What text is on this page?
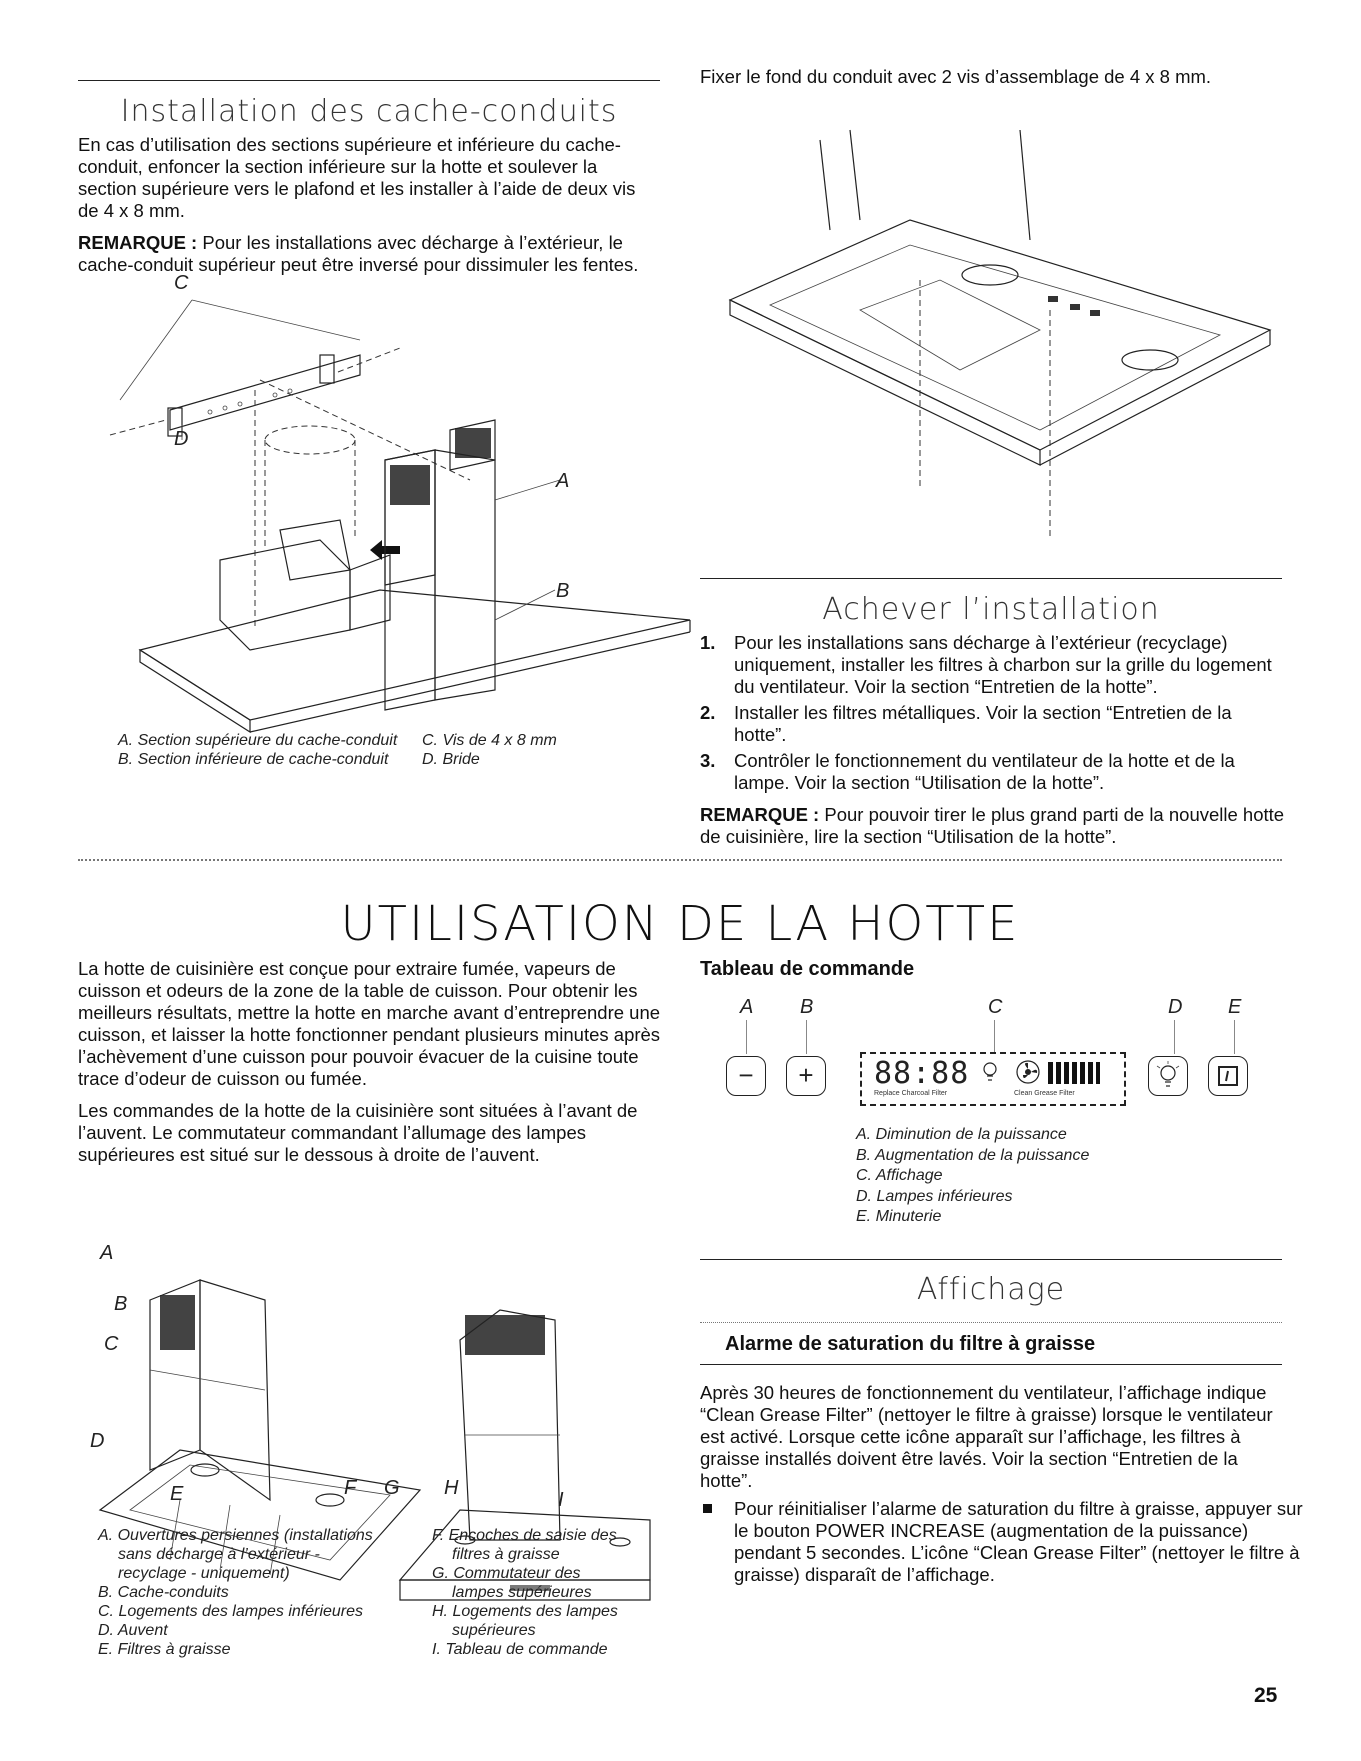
Installation des cache-conduits

En cas d’utilisation des sections supérieure et inférieure du cache-conduit, enfoncer la section inférieure sur la hotte et soulever la section supérieure vers le plafond et les installer à l’aide de deux vis de 4 x 8 mm.

REMARQUE : Pour les installations avec décharge à l’extérieur, le cache-conduit supérieur peut être inversé pour dissimuler les fentes.

C
D
A
B
A. Section supérieure du cache-conduit
B. Section inférieure de cache-conduit
C. Vis de 4 x 8 mm
D. Bride

Fixer le fond du conduit avec 2 vis d’assemblage de 4 x 8 mm.

Achever l’installation
1. Pour les installations sans décharge à l’extérieur (recyclage) uniquement, installer les filtres à charbon sur la grille du logement du ventilateur. Voir la section “Entretien de la hotte”.
2. Installer les filtres métalliques. Voir la section “Entretien de la hotte”.
3. Contrôler le fonctionnement du ventilateur de la hotte et de la lampe. Voir la section “Utilisation de la hotte”.

REMARQUE : Pour pouvoir tirer le plus grand parti de la nouvelle hotte de cuisinière, lire la section “Utilisation de la hotte”.

UTILISATION DE LA HOTTE

La hotte de cuisinière est conçue pour extraire fumée, vapeurs de cuisson et odeurs de la zone de la table de cuisson. Pour obtenir les meilleurs résultats, mettre la hotte en marche avant d’entreprendre une cuisson, et laisser la hotte fonctionner pendant plusieurs minutes après l’achèvement d’une cuisson pour pouvoir évacuer de la cuisine toute trace d’odeur de cuisson ou fumée.

Les commandes de la hotte de la cuisinière sont situées à l’avant de l’auvent. Le commutateur commandant l’allumage des lampes supérieures est situé sur le dessous à droite de l’auvent.

A
B
C
D
E	F G H
I
A. Ouvertures persiennes (installations
sans décharge à l’extérieur -
recyclage - uniquement)
B. Cache-conduits
C. Logements des lampes inférieures
D. Auvent
E. Filtres à graisse
F. Encoches de saisie des
filtres à graisse
G. Commutateur des
lampes supérieures
H. Logements des lampes
supérieures
I. Tableau de commande
Tableau de commande
A B	C	D E
−	+	88:88
Replace Charcoal Filter	Clean Grease Filter
A. Diminution de la puissance
B. Augmentation de la puissance
C. Affichage
D. Lampes inférieures
E. Minuterie
Affichage
Alarme de saturation du filtre à graisse

Après 30 heures de fonctionnement du ventilateur, l’affichage indique “Clean Grease Filter” (nettoyer le filtre à graisse) lorsque le ventilateur est activé. Lorsque cette icône apparaît sur l’affichage, les filtres à graisse installés doivent être lavés. Voir la section “Entretien de la hotte”.

Pour réinitialiser l’alarme de saturation du filtre à graisse, appuyer sur le bouton POWER INCREASE (augmentation de la puissance) pendant 5 secondes. L’icône “Clean Grease Filter” (nettoyer le filtre à graisse) disparaît de l’affichage.
25
